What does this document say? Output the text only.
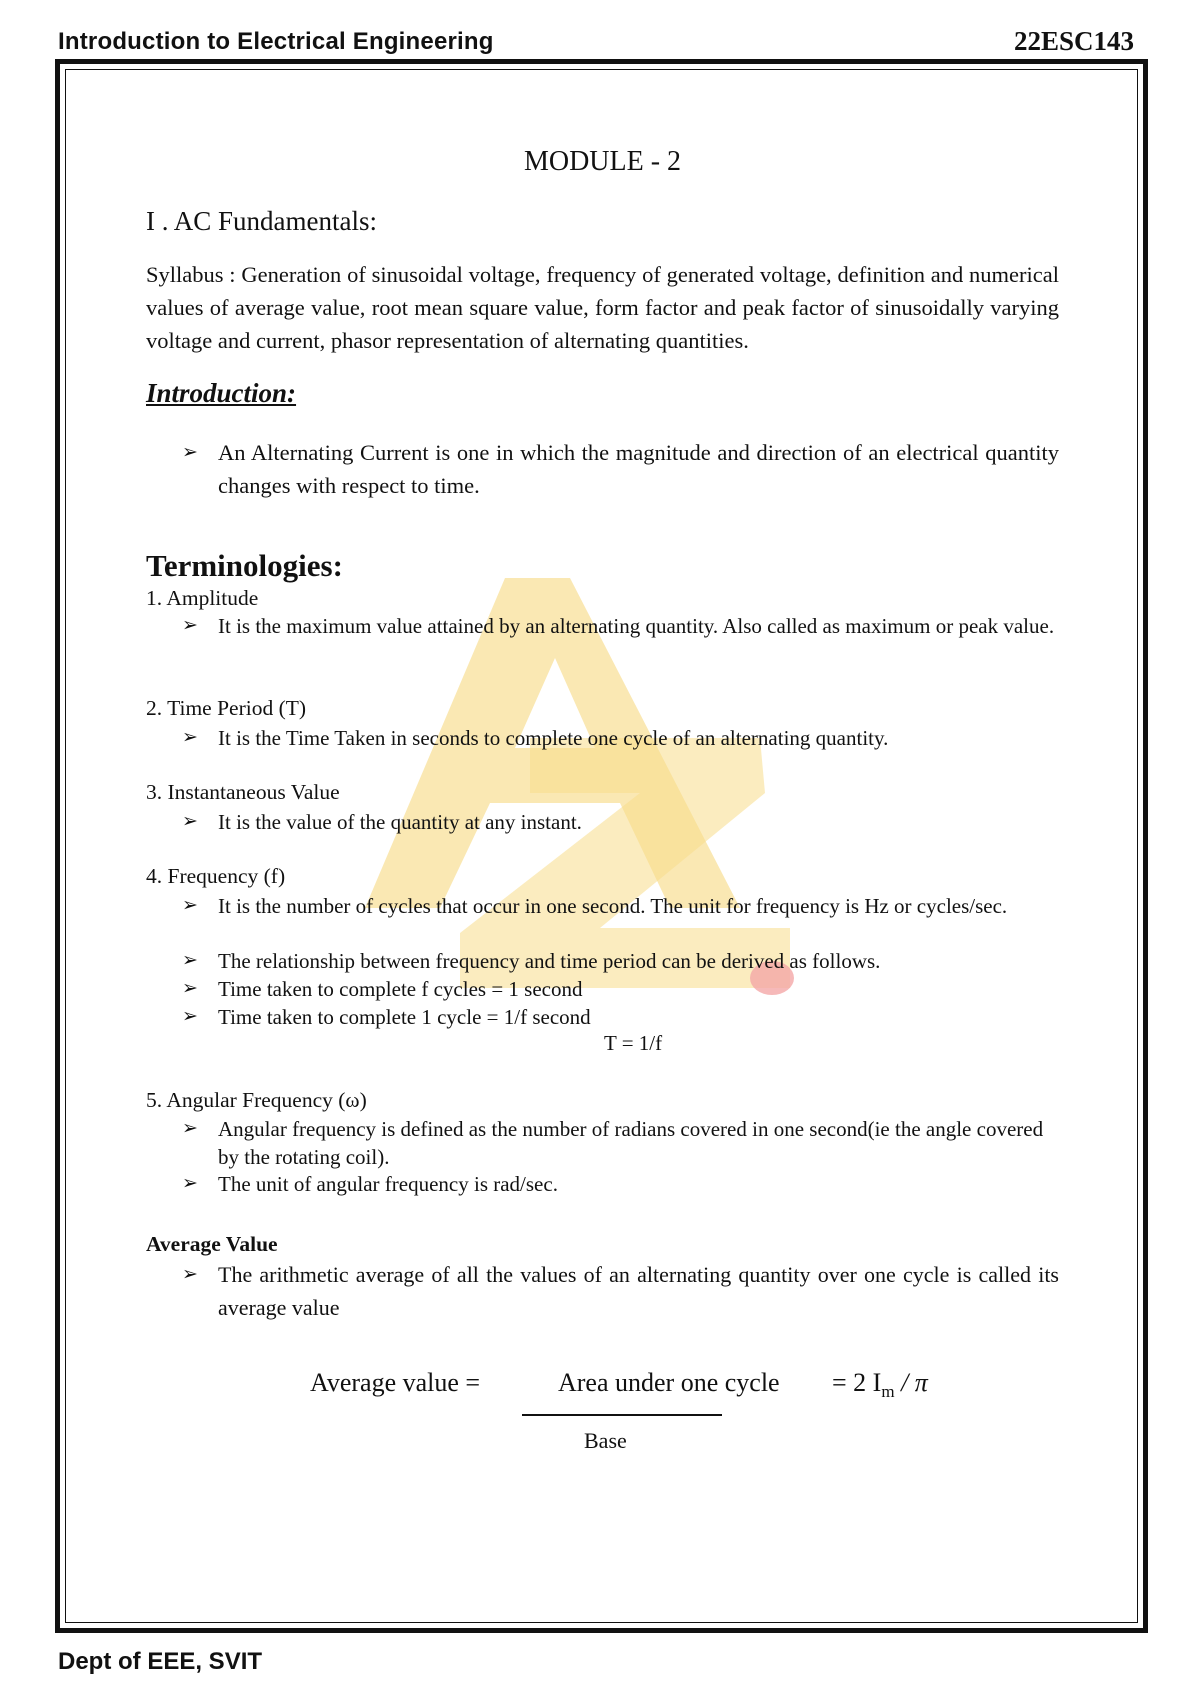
Introduction to Electrical Engineering	22ESC143
MODULE - 2
I . AC Fundamentals:
Syllabus : Generation of sinusoidal voltage, frequency of generated voltage, definition and numerical values of average value, root mean square value, form factor and peak factor of sinusoidally varying voltage and current, phasor representation of alternating quantities.
Introduction:
➢ An Alternating Current is one in which the magnitude and direction of an electrical quantity changes with respect to time.
Terminologies:
1. Amplitude
➢ It is the maximum value attained by an alternating quantity. Also called as maximum or peak value.
2. Time Period (T)
➢ It is the Time Taken in seconds to complete one cycle of an alternating quantity.
3. Instantaneous Value
➢ It is the value of the quantity at any instant.
4. Frequency (f)
➢ It is the number of cycles that occur in one second. The unit for frequency is Hz or cycles/sec.
➢ The relationship between frequency and time period can be derived as follows.
➢ Time taken to complete f cycles = 1 second
➢ Time taken to complete 1 cycle = 1/f second
T = 1/f
5. Angular Frequency (ω)
➢ Angular frequency is defined as the number of radians covered in one second(ie the angle covered by the rotating coil).
➢ The unit of angular frequency is rad/sec.
Average Value
➢ The arithmetic average of all the values of an alternating quantity over one cycle is called its average value
Average value =	Area under one cycle
Base
= 2 $I_m$ / π
Dept of EEE, SVIT
